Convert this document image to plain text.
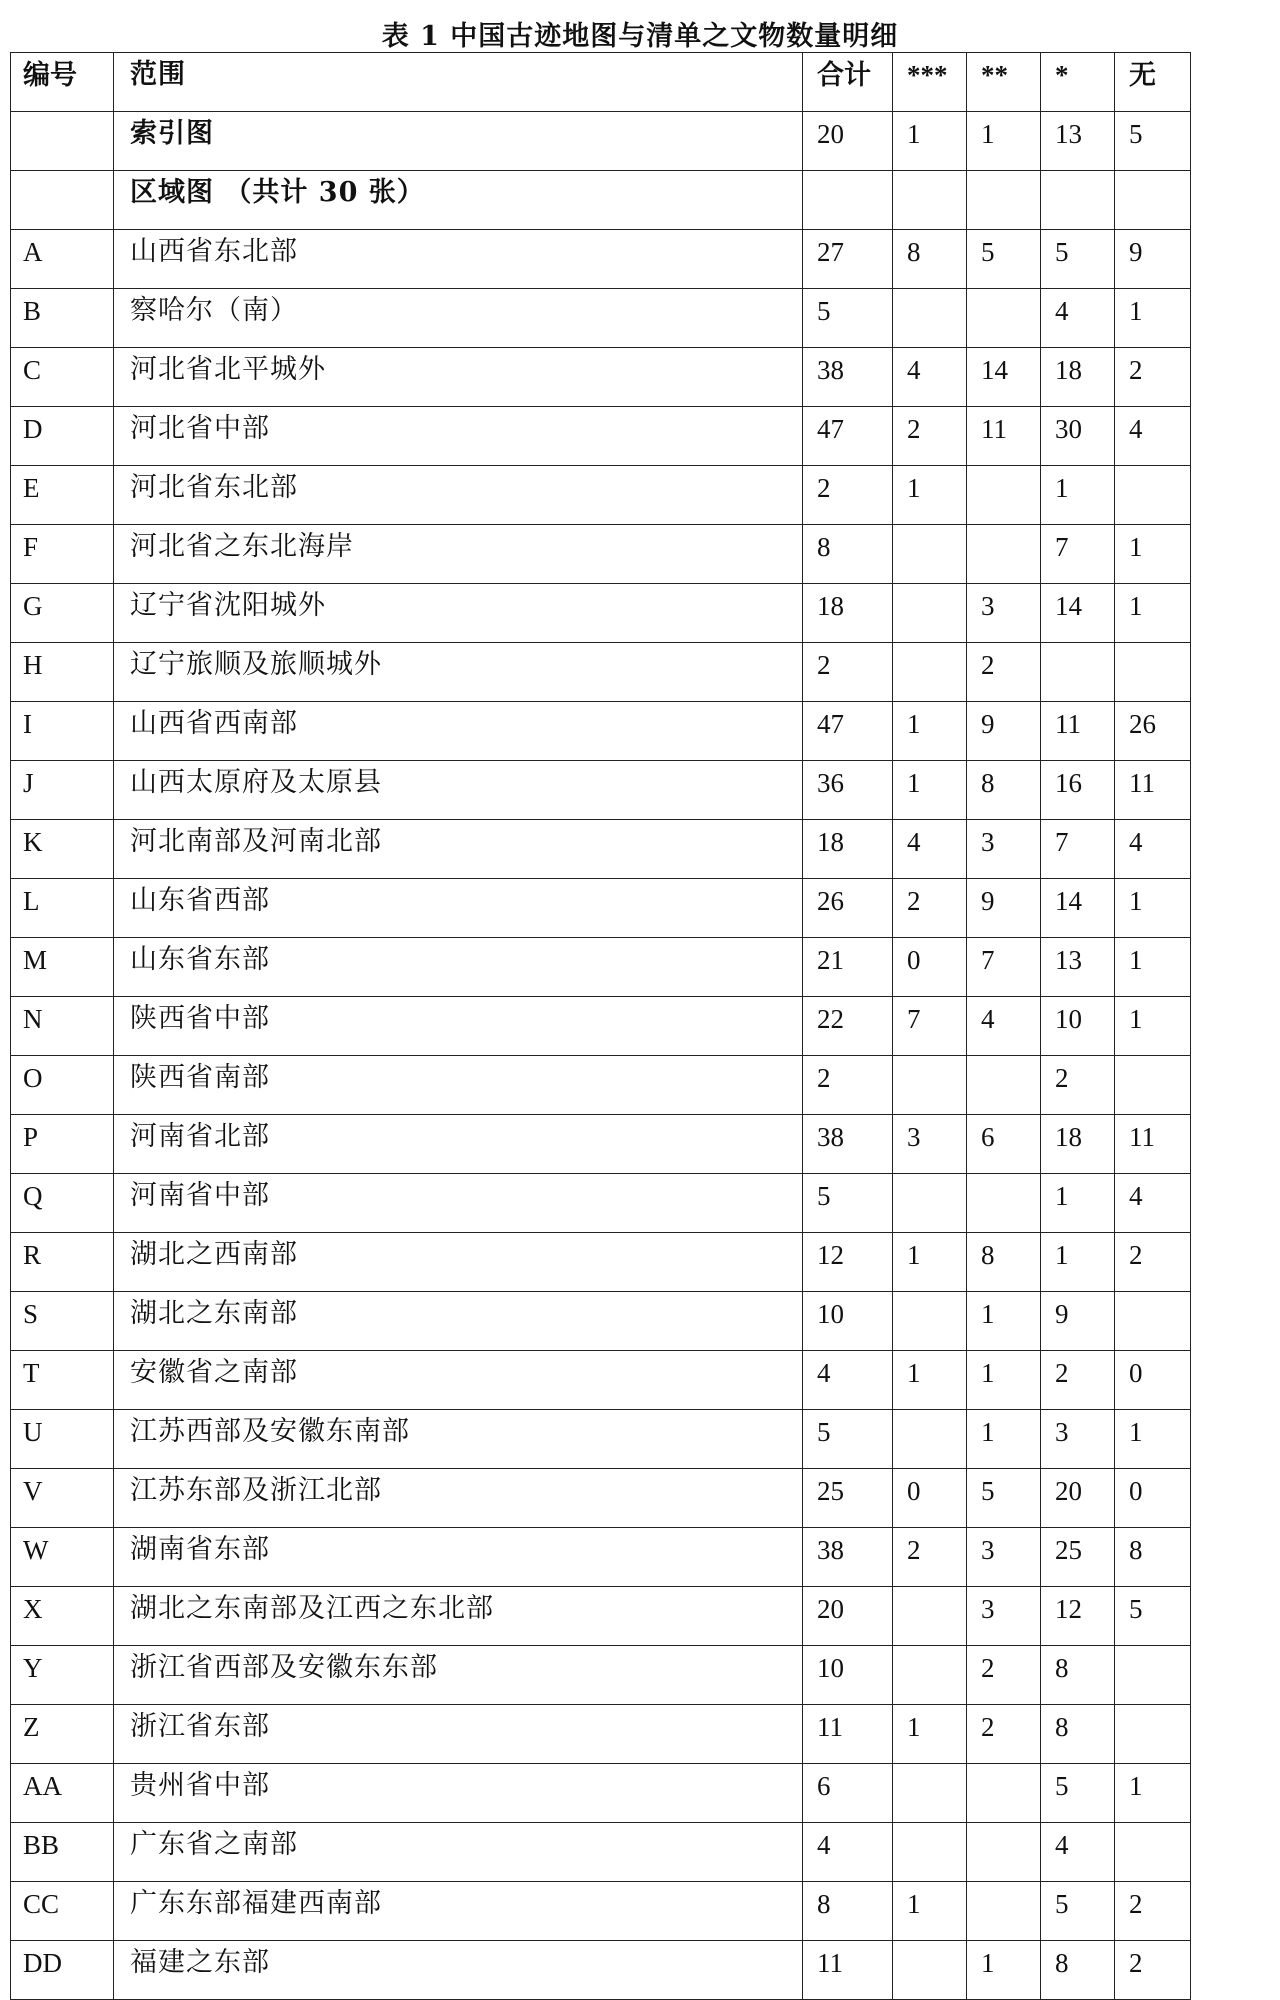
表 1 中国古迹地图与清单之文物数量明细
编号	范围	合计	***	**	*	无
	索引图	20	1	1	13	5
	区域图 （共计 30 张）					
A	山西省东北部	27	8	5	5	9
B	察哈尔（南）	5			4	1
C	河北省北平城外	38	4	14	18	2
D	河北省中部	47	2	11	30	4
E	河北省东北部	2	1		1	
F	河北省之东北海岸	8			7	1
G	辽宁省沈阳城外	18		3	14	1
H	辽宁旅顺及旅顺城外	2		2		
I	山西省西南部	47	1	9	11	26
J	山西太原府及太原县	36	1	8	16	11
K	河北南部及河南北部	18	4	3	7	4
L	山东省西部	26	2	9	14	1
M	山东省东部	21	0	7	13	1
N	陕西省中部	22	7	4	10	1
O	陕西省南部	2			2	
P	河南省北部	38	3	6	18	11
Q	河南省中部	5			1	4
R	湖北之西南部	12	1	8	1	2
S	湖北之东南部	10		1	9	
T	安徽省之南部	4	1	1	2	0
U	江苏西部及安徽东南部	5		1	3	1
V	江苏东部及浙江北部	25	0	5	20	0
W	湖南省东部	38	2	3	25	8
X	湖北之东南部及江西之东北部	20		3	12	5
Y	浙江省西部及安徽东东部	10		2	8	
Z	浙江省东部	11	1	2	8	
AA	贵州省中部	6			5	1
BB	广东省之南部	4			4	
CC	广东东部福建西南部	8	1		5	2
DD	福建之东部	11		1	8	2
